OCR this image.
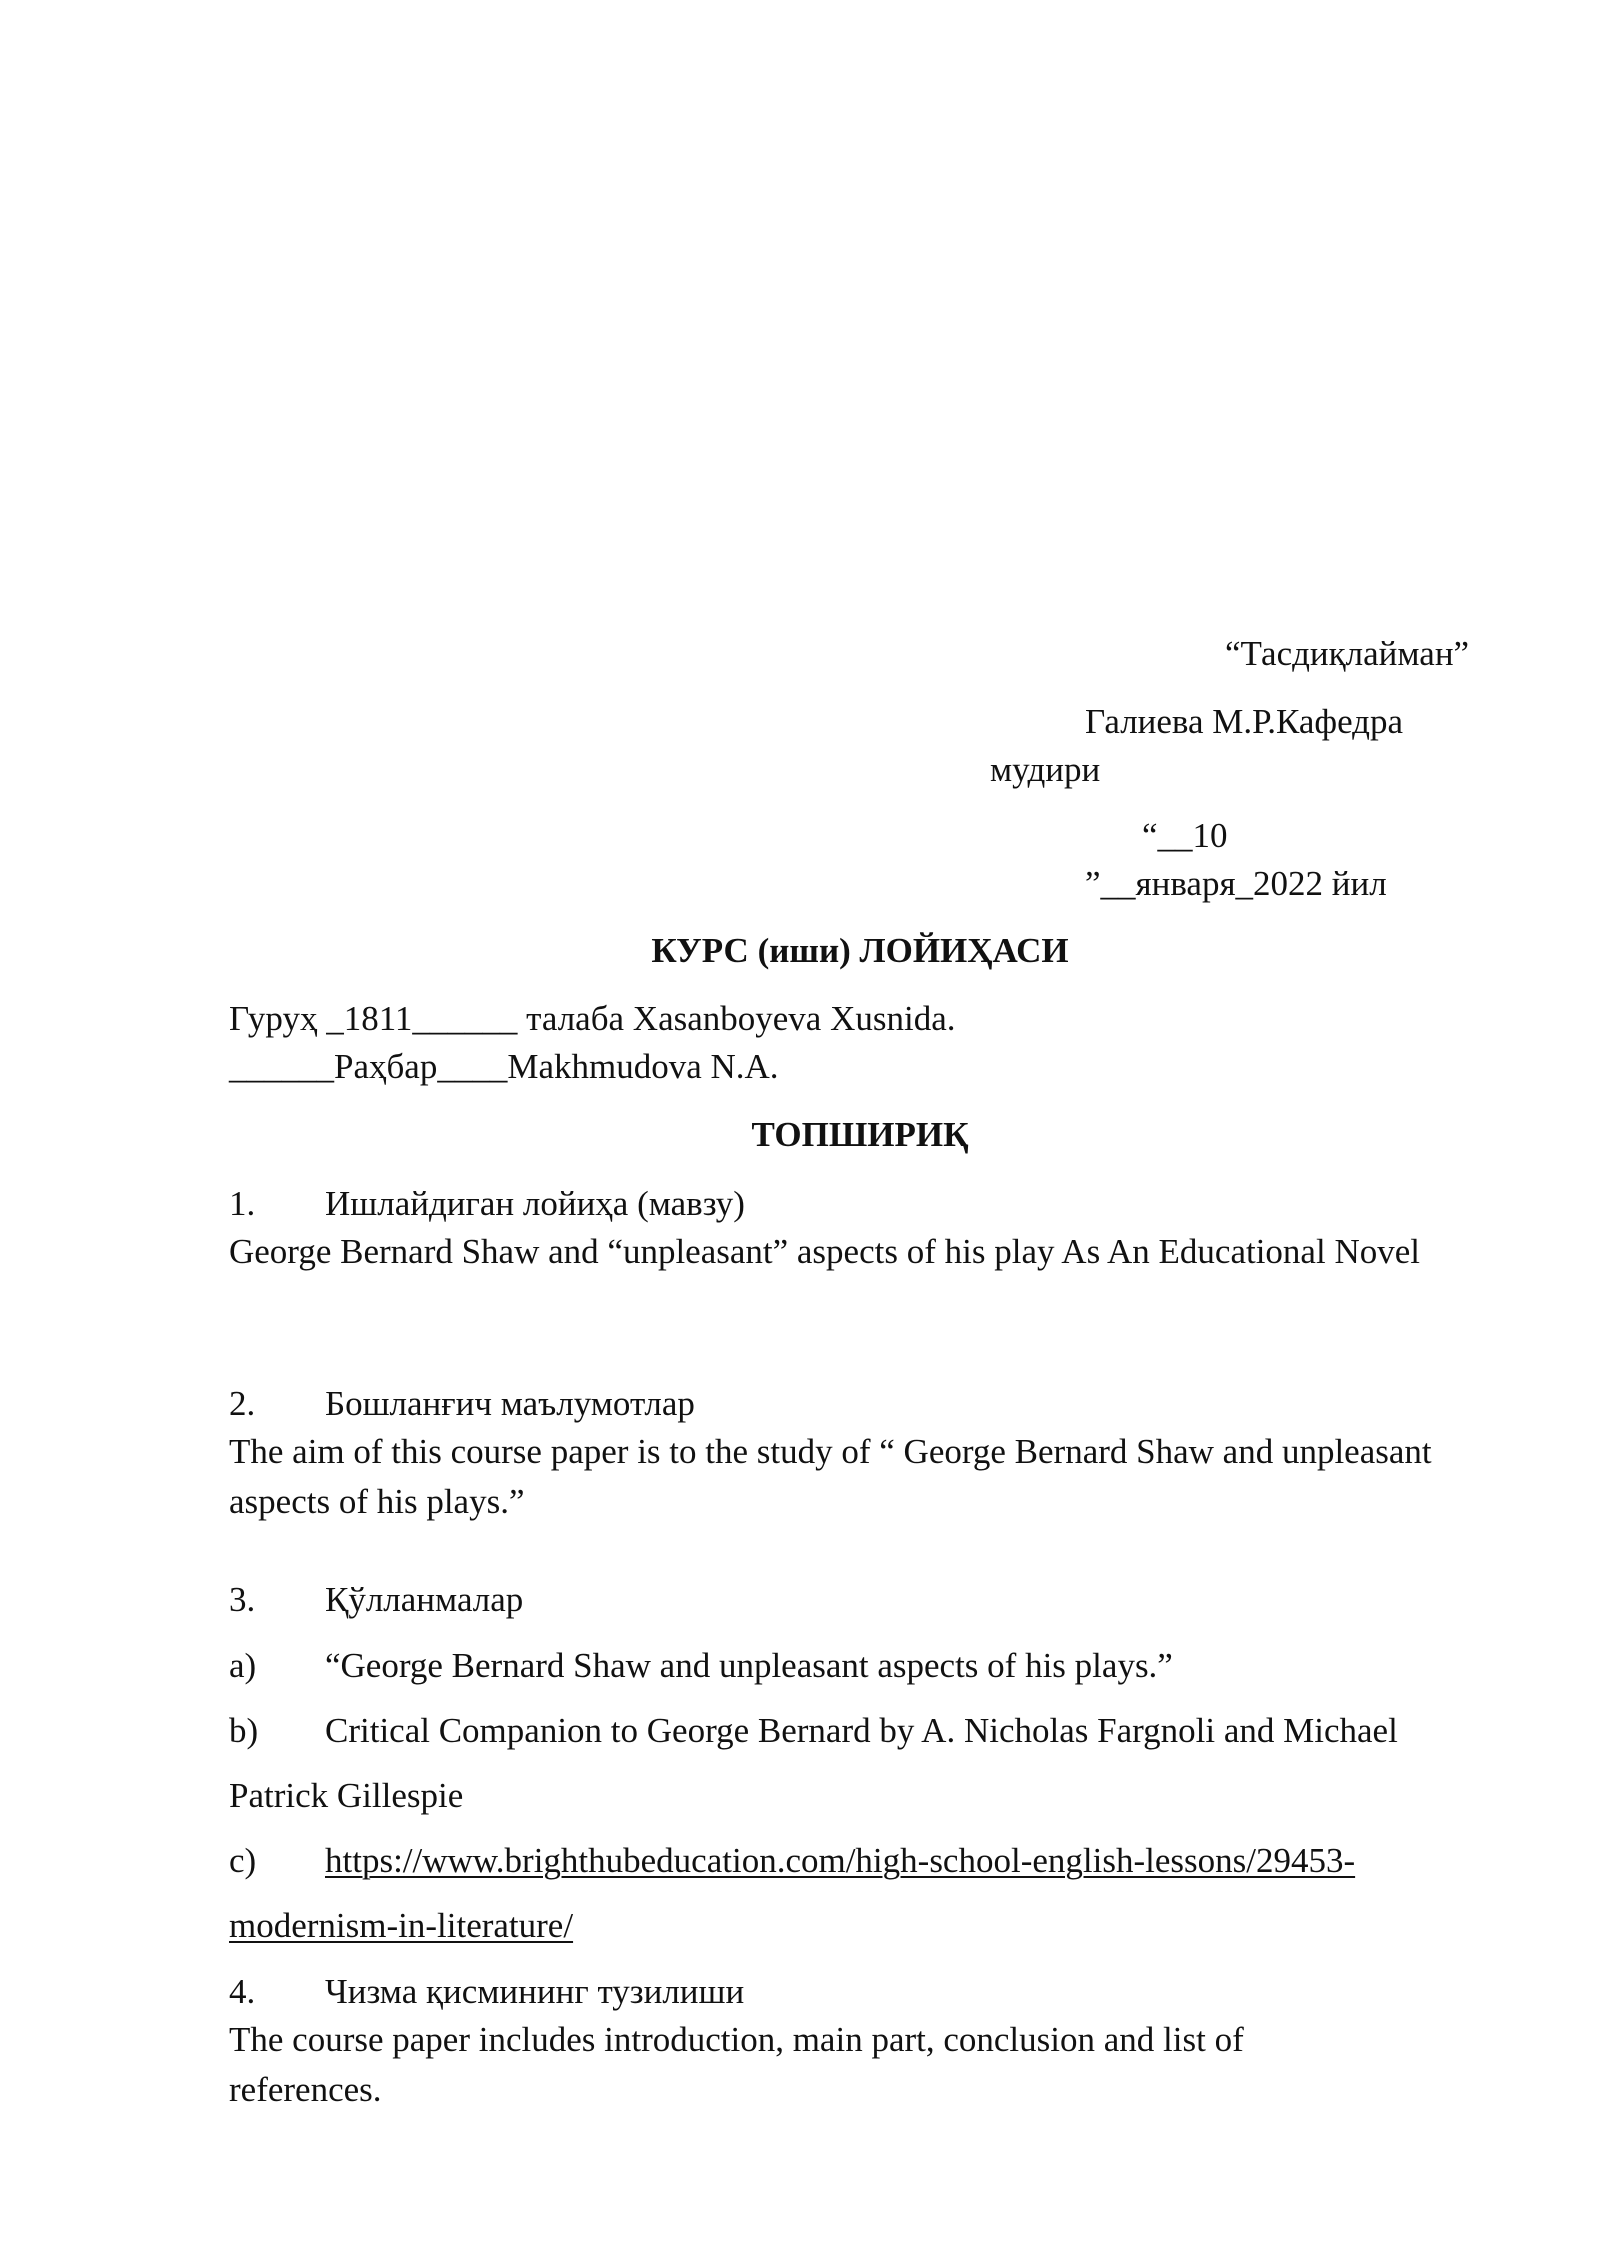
“Тасдиқлайман”
Галиева М.Р.Кафедра
мудири
“__10
”__января_2022 йил
КУРС (иши) ЛОЙИҲАСИ
Гуруҳ _1811______ талаба Xasanboyeva Xusnida.
______Раҳбар____Makhmudova N.A.
ТОПШИРИҚ
1. Ишлайдиган лойиҳа (мавзу)
George Bernard Shaw and “unpleasant” aspects of his play As An Educational Novel
2. Бошланғич маълумотлар
The aim of this course paper is to the study of “ George Bernard Shaw and unpleasant aspects of his plays.”
3. Қўлланмалар
a) “George Bernard Shaw and unpleasant aspects of his plays.”
b) Critical Companion to George Bernard by A. Nicholas Fargnoli and Michael
Patrick Gillespie
c) https://www.brighthubeducation.com/high-school-english-lessons/29453-
modernism-in-literature/
4. Чизма қисмининг тузилиши
The course paper includes introduction, main part, conclusion and list of references.
